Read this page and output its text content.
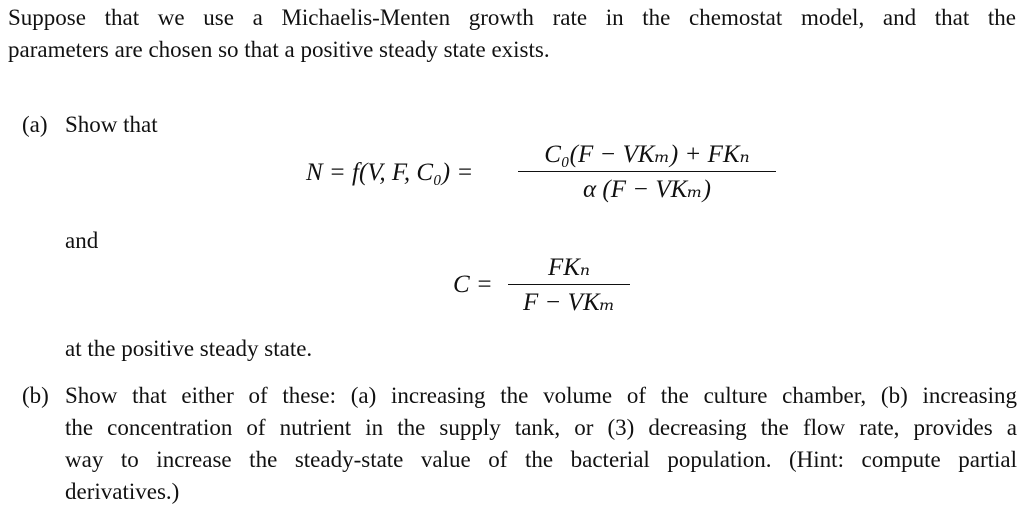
Suppose that we use a Michaelis-Menten growth rate in the chemostat model, and that the
parameters are chosen so that a positive steady state exists.
(a) Show that
N = f(V, F, C₀) =
C₀(F − VKₘ) + FKₙ
α (F − VKₘ)
and
C =
FKₙ
F − VKₘ
at the positive steady state.
(b) Show that either of these: (a) increasing the volume of the culture chamber, (b) increasing
the concentration of nutrient in the supply tank, or (3) decreasing the flow rate, provides a
way to increase the steady-state value of the bacterial population. (Hint: compute partial
derivatives.)
